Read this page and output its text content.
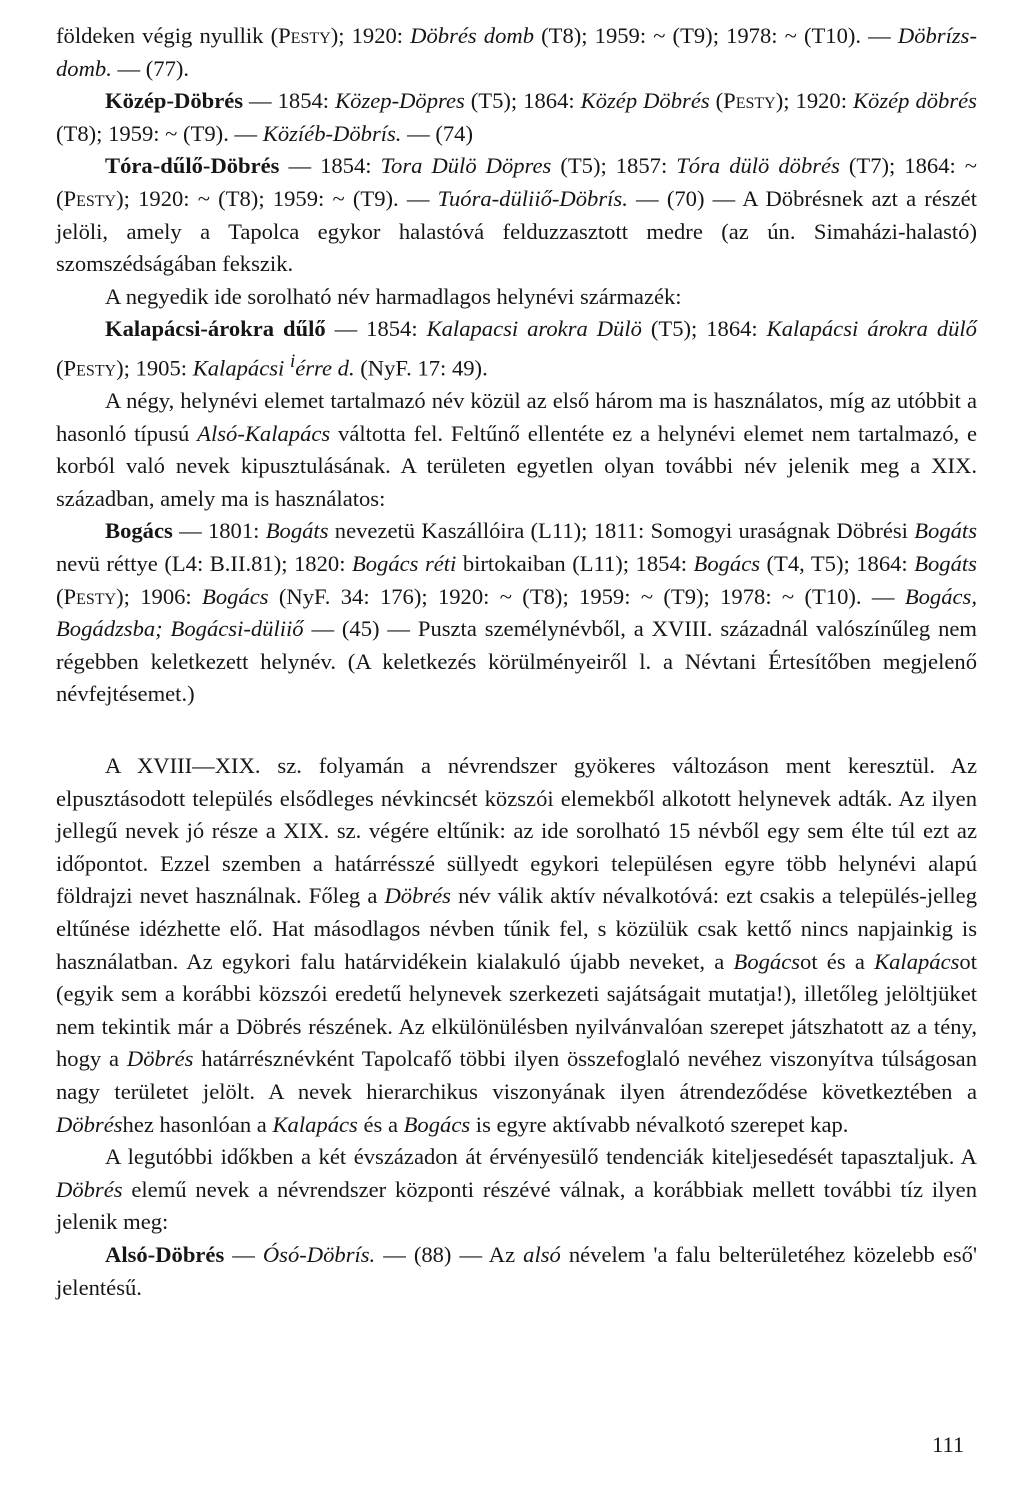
földeken végig nyullik (Pesty); 1920: Döbrés domb (T8); 1959: ~ (T9); 1978: ~ (T10). — Döbrízs-domb. — (77).

Közép-Döbrés — 1854: Közep-Döpres (T5); 1864: Közép Döbrés (Pesty); 1920: Közép döbrés (T8); 1959: ~ (T9). — Közíéb-Döbrís. — (74)

Tóra-dűlő-Döbrés — 1854: Tora Dülö Döpres (T5); 1857: Tóra dülö döbrés (T7); 1864: ~ (Pesty); 1920: ~ (T8); 1959: ~ (T9). — Tuóra-düliiő-Döbrís. — (70) — A Döbrésnek azt a részét jelöli, amely a Tapolca egykor halastóvá felduzzasztott medre (az ún. Simaházi-halastó) szomszédságában fekszik.

A negyedik ide sorolható név harmadlagos helynévi származék:

Kalapácsi-árokra dűlő — 1854: Kalapacsi arokra Dülö (T5); 1864: Kalapácsi árokra dülő (Pesty); 1905: Kalapácsi $^i$érre d. (NyF. 17: 49).

A négy, helynévi elemet tartalmazó név közül az első három ma is használatos, míg az utóbbit a hasonló típusú Alsó-Kalapács váltotta fel. Feltűnő ellentéte ez a helynévi elemet nem tartalmazó, e korból való nevek kipusztulásának. A területen egyetlen olyan további név jelenik meg a XIX. században, amely ma is használatos:

Bogács — 1801: Bogáts nevezetü Kaszállóira (L11); 1811: Somogyi uraságnak Döbrési Bogáts nevü réttye (L4: B.II.81); 1820: Bogács réti birtokaiban (L11); 1854: Bogács (T4, T5); 1864: Bogáts (Pesty); 1906: Bogács (NyF. 34: 176); 1920: ~ (T8); 1959: ~ (T9); 1978: ~ (T10). — Bogács, Bogádzsba; Bogácsi-düliiő — (45) — Puszta személynévből, a XVIII. századnál valószínűleg nem régebben keletkezett helynév. (A keletkezés körülményeiről l. a Névtani Értesítőben megjelenő névfejtésemet.)

A XVIII—XIX. sz. folyamán a névrendszer gyökeres változáson ment keresztül. Az elpusztásodott település elsődleges névkincsét közszói elemekből alkotott helynevek adták. Az ilyen jellegű nevek jó része a XIX. sz. végére eltűnik: az ide sorolható 15 névből egy sem élte túl ezt az időpontot. Ezzel szemben a határrésszé süllyedt egykori településen egyre több helynévi alapú földrajzi nevet használnak. Főleg a Döbrés név válik aktív névalkotóvá: ezt csakis a település-jelleg eltűnése idézhette elő. Hat másodlagos névben tűnik fel, s közülük csak kettő nincs napjainkig is használatban. Az egykori falu határvidékein kialakuló újabb neveket, a Bogácsot és a Kalapácsot (egyik sem a korábbi közszói eredetű helynevek szerkezeti sajátságait mutatja!), illetőleg jelöltjüket nem tekintik már a Döbrés részének. Az elkülönülésben nyilvánvalóan szerepet játszhatott az a tény, hogy a Döbrés határrésznévként Tapolcafő többi ilyen összefoglaló nevéhez viszonyítva túlságosan nagy területet jelölt. A nevek hierarchikus viszonyának ilyen átrendeződése következtében a Döbréshez hasonlóan a Kalapács és a Bogács is egyre aktívabb névalkotó szerepet kap.

A legutóbbi időkben a két évszázadon át érvényesülő tendenciák kiteljesedését tapasztaljuk. A Döbrés elemű nevek a névrendszer központi részévé válnak, a korábbiak mellett további tíz ilyen jelenik meg:

Alsó-Döbrés — Ósó-Döbrís. — (88) — Az alsó névelem 'a falu belterületéhez közelebb eső' jelentésű.

111
